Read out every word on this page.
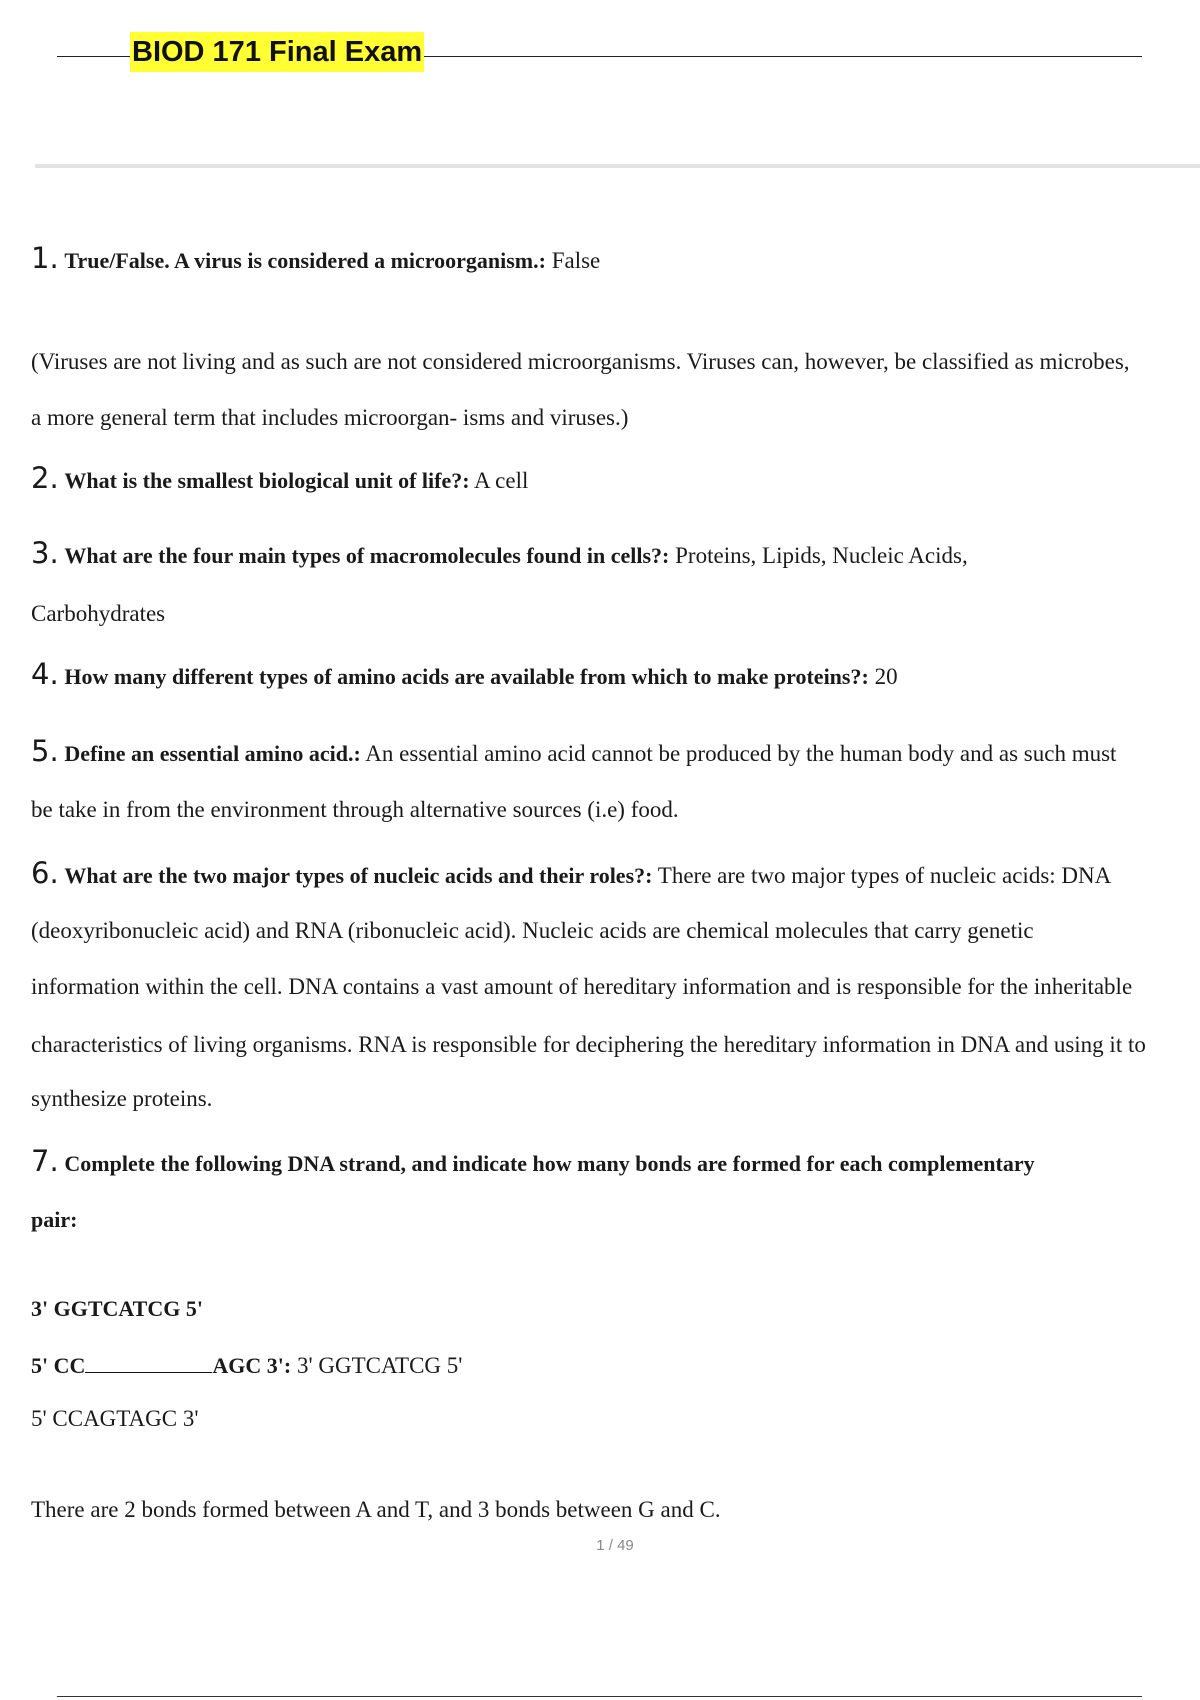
BIOD 171 Final Exam
1. True/False. A virus is considered a microorganism.: False
(Viruses are not living and as such are not considered microorganisms. Viruses can, however, be classified as microbes,
a more general term that includes microorgan- isms and viruses.)
2. What is the smallest biological unit of life?: A cell
3. What are the four main types of macromolecules found in cells?: Proteins, Lipids, Nucleic Acids,
Carbohydrates
4. How many different types of amino acids are available from which to make proteins?: 20
5. Define an essential amino acid.: An essential amino acid cannot be produced by the human body and as such must
be take in from the environment through alternative sources (i.e) food.
6. What are the two major types of nucleic acids and their roles?: There are two major types of nucleic acids: DNA
(deoxyribonucleic acid) and RNA (ribonucleic acid). Nucleic acids are chemical molecules that carry genetic
information within the cell. DNA contains a vast amount of hereditary information and is responsible for the inheritable
characteristics of living organisms. RNA is responsible for deciphering the hereditary information in DNA and using it to
synthesize proteins.
7. Complete the following DNA strand, and indicate how many bonds are formed for each complementary
pair:
3' GGTCATCG 5'
5' CC	AGC 3': 3' GGTCATCG 5'
5' CCAGTAGC 3'
There are 2 bonds formed between A and T, and 3 bonds between G and C.
1 / 49
